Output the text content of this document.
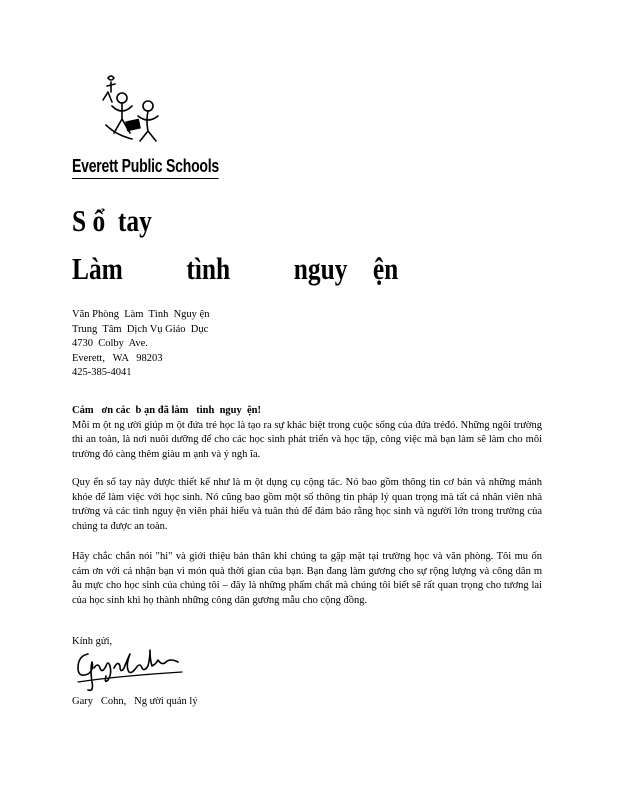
Everett Public Schools
S ổ  tay
Làm          tình          nguy    ện
Văn Phòng  Làm  Tình  Nguy ện
Trung  Tâm  Dịch Vụ Giáo  Dục
4730  Colby  Ave.
Everett,   WA   98203
425-385-4041
Cám   ơn các  b ạn đã làm   tình  nguy  ện!
Mỗi m ột ng ười giúp m ột đứa trẻ học là tạo ra sự khác biệt trong cuộc sống của đứa trẻđó. Những ngôi trường thì an toàn, là nơi nuôi dưỡng để cho các học sinh phát triển và học tập, công việc mà bạn làm sẽ làm cho môi trường đó càng thêm giàu m ạnh và ý ngh ĩa.
Quy ển sổ tay này được thiết kế như là m ột dụng cụ cộng tác. Nó bao gồm thông tin cơ bản và những mánh khóe để làm việc với học sinh. Nó cũng bao gồm một số thông tin pháp lý quan trọng mà tất cả nhân viên nhà trường và các tình nguy ện viên phải hiểu và tuân thủ để đảm bảo rằng học sinh và người lớn trong trường của chúng ta được an toàn.
Hãy chắc chắn nói "hi" và giới thiệu bản thân khi chúng ta gặp mặt tại trường học và văn phòng. Tôi mu ốn cám ơn với cả nhận bạn vì món quà thời gian của bạn. Bạn đang làm gương cho sự rộng lượng và công dân m ẫu mực cho học sinh của chúng tôi – đây là những phẩm chất mà chúng tôi biết sẽ rất quan trọng cho tương lai của học sinh khi họ thành những công dân gương mẫu cho cộng đồng.
Kính gửi,
Gary   Cohn,   Ng ười quản lý
